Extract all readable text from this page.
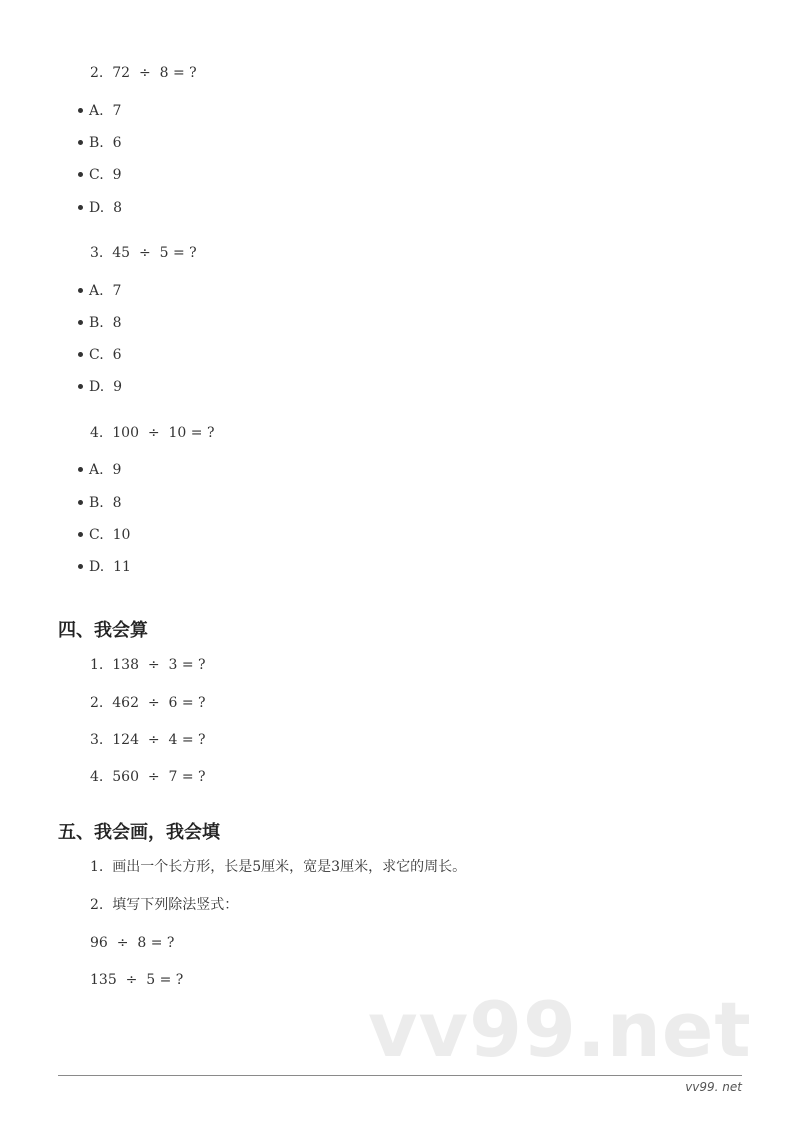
2.  72  ÷  8 = ?
A.  7
B.  6
C.  9
D.  8
3.  45  ÷  5 = ?
A.  7
B.  8
C.  6
D.  9
4.  100  ÷  10 = ?
A.  9
B.  8
C.  10
D.  11
四、我会算
1.  138  ÷  3 = ?
2.  462  ÷  6 = ?
3.  124  ÷  4 = ?
4.  560  ÷  7 = ?
五、我会画，我会填
1.  画出一个长方形，长是5厘米，宽是3厘米，求它的周长。
2.  填写下列除法竖式：
96  ÷  8 = ?
135  ÷  5 = ?
vv99.net
vv99. net
